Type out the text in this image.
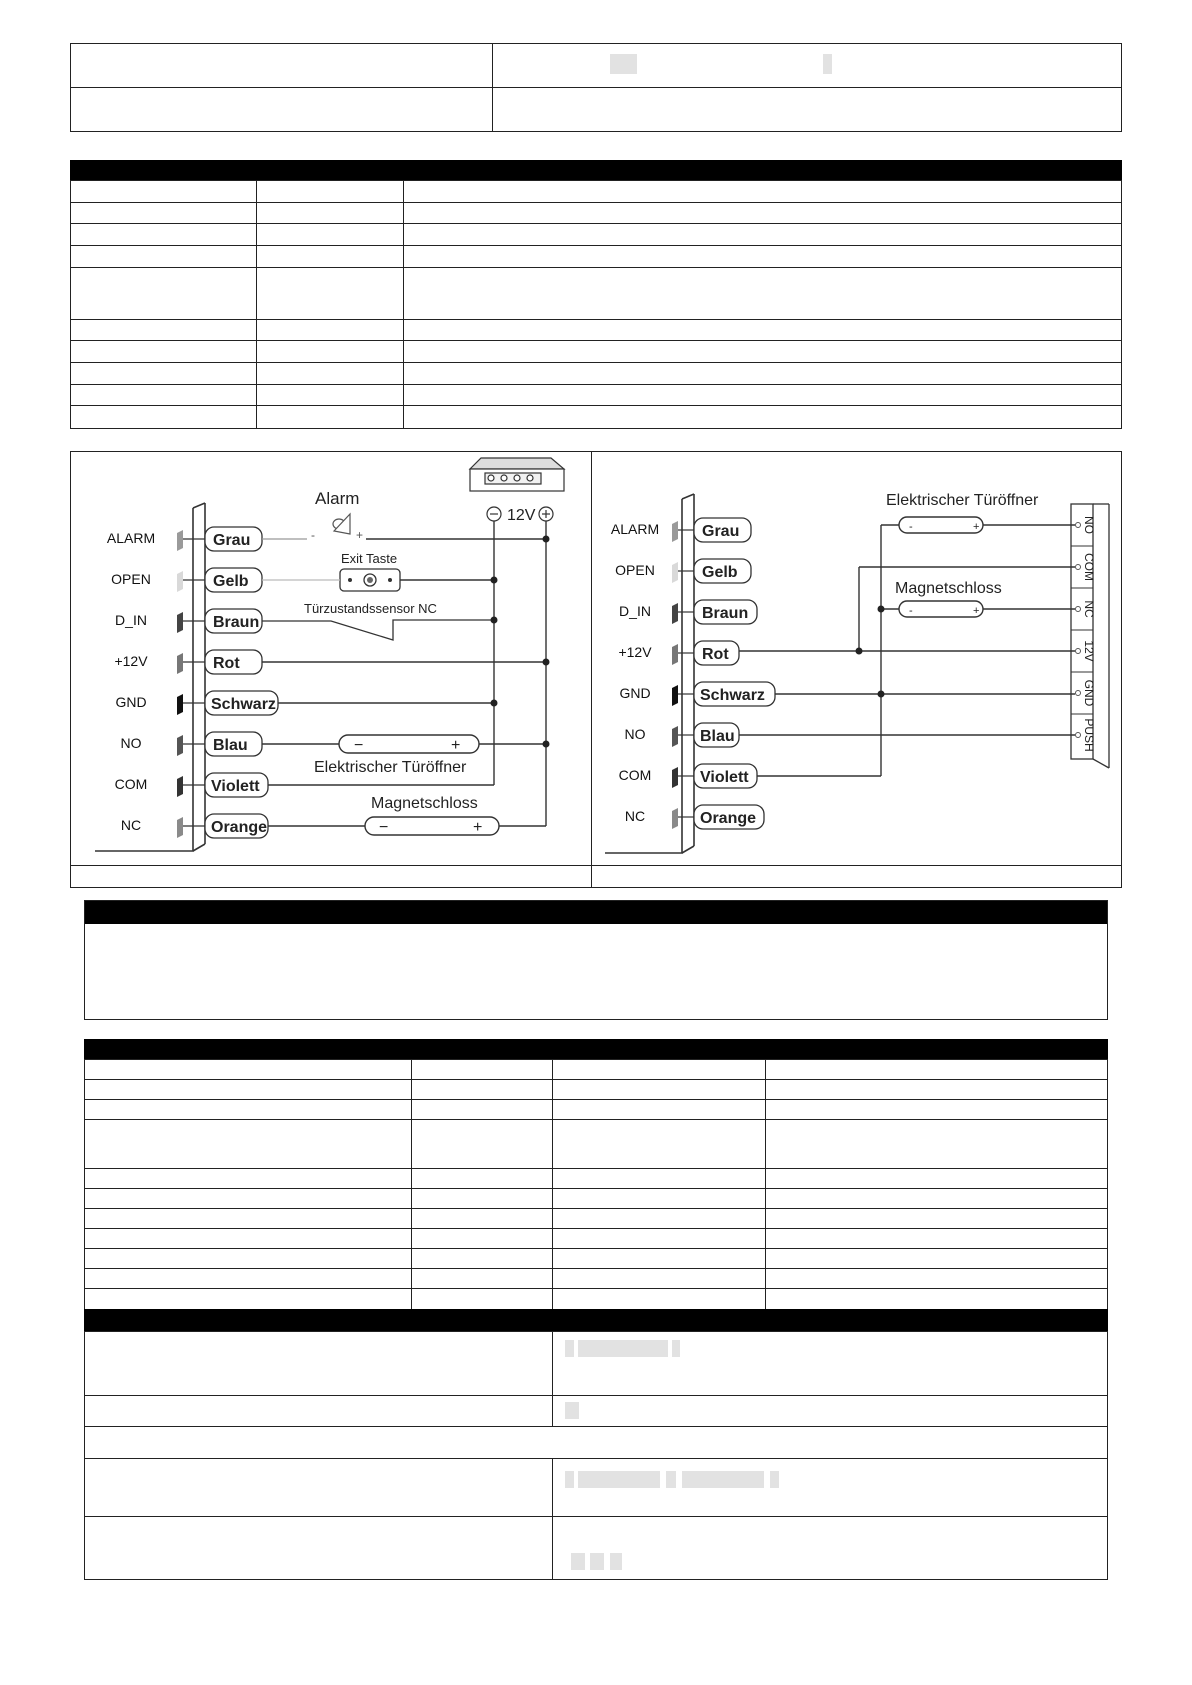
ALARM
OPEN
D_IN
+12V
GND
NO
COM
NC
Grau
Gelb
Braun
Rot
Schwarz
Blau
Violett
Orange
12V
Alarm
-	+
Exit Taste
Türzustandssensor NC
−	+
Elektrischer Türöffner
Magnetschloss
−	+
ALARM
OPEN
D_IN
+12V
GND
NO
COM
NC
Grau
Gelb
Braun
Rot
Schwarz
Blau
Violett
Orange
NO
COM
NC
12V
GND
PUSH
Elektrischer Türöffner
-	+
Magnetschloss
-	+
